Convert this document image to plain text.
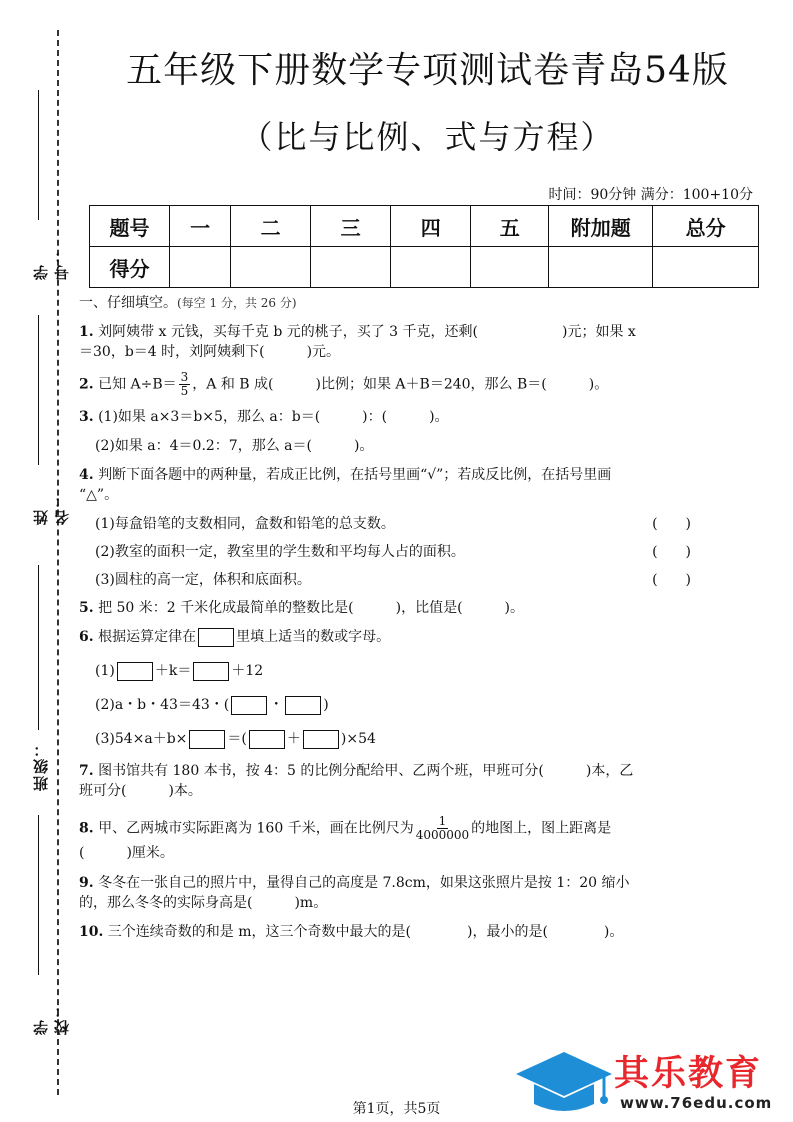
学号：
姓名：
班级：
学校：
五年级下册数学专项测试卷青岛54版
（比与比例、式与方程）
时间：90分钟 满分：100+10分
题号	一	二	三	四	五	附加题	总分
得分							
一、仔细填空。(每空 1 分，共 26 分)
1. 刘阿姨带 x 元钱，买每千克 b 元的桃子，买了 3 千克，还剩(　　　　　　)元；如果 x
＝30，b＝4 时，刘阿姨剩下(　　　)元。
2. 已知 $A\div B= \frac{3}{5}$ ，A 和 B 成(　　　)比例；如果 A＋B＝240，那么 B＝(　　　)。
3. (1)如果 a×3＝b×5，那么 a：b＝(　　　)：(　　　)。
(2)如果 a：4＝0.2：7，那么 a＝(　　　)。
4. 判断下面各题中的两种量，若成正比例，在括号里画“√”；若成反比例，在括号里画
“△”。
(1)每盒铅笔的支数相同，盒数和铅笔的总支数。	(　　)
(2)教室的面积一定，教室里的学生数和平均每人占的面积。	(　　)
(3)圆柱的高一定，体积和底面积。	(　　)
5. 把 50 米：2 千米化成最简单的整数比是(　　　)，比值是(　　　)。
6. 根据运算定律在	里填上适当的数或字母。
(1)	＋k＝	＋12
(2)a・b・43＝43・(	・	)
(3)54×a＋b×	＝(	＋	)×54
7. 图书馆共有 180 本书，按 4：5 的比例分配给甲、乙两个班，甲班可分(　　　)本，乙
班可分(　　　)本。
8. 甲、乙两城市实际距离为 160 千米，画在比例尺为 $\frac{1}{4000000}$ 的地图上，图上距离是
(　　　)厘米。
9. 冬冬在一张自己的照片中，量得自己的高度是 7.8cm，如果这张照片是按 1：20 缩小
的，那么冬冬的实际身高是(　　　)m。
10. 三个连续奇数的和是 m，这三个奇数中最大的是(　　　　)，最小的是(　　　　)。
其乐教育
www.76edu.com
第1页，共5页
